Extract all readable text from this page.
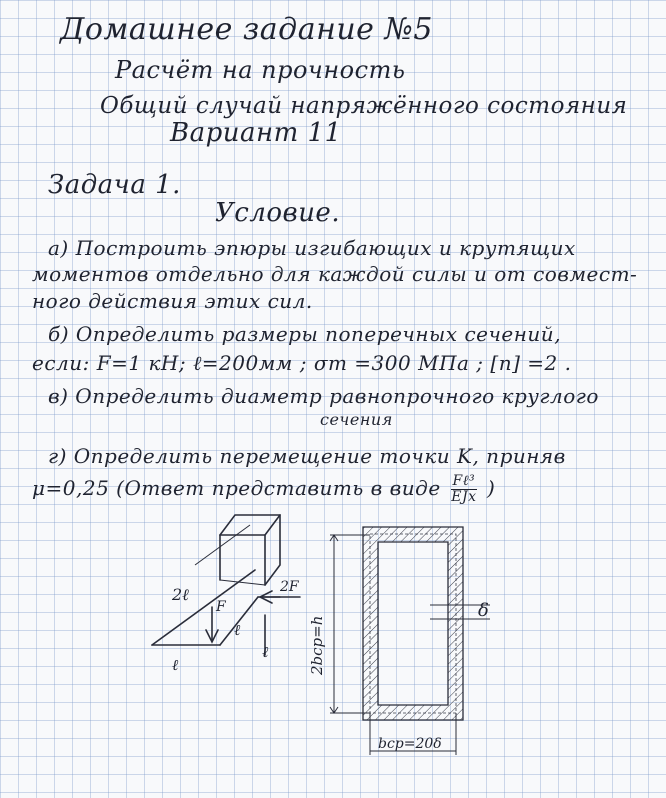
Домашнее задание №5
Расчёт на прочность
Общий случай напряжённого состояния
Вариант 11
Задача 1.
Условие.
а) Построить эпюры изгибающих и крутящих
моментов отдельно для каждой силы и от совмест-
ного действия этих сил.
б) Определить размеры поперечных сечений,
если: F=1 кН; ℓ=200мм ; σт =300 МПа ; [n] =2 .
в) Определить диаметр равнопрочного круглого
сечения
г) Определить перемещение точки K, приняв
μ=0,25 (Ответ представить в виде $\frac{\text{Fℓ³}}{\text{EJx}}$ )
2ℓ
F
2F
ℓ
ℓ
ℓ	2bср=h
bср=20δ
δ
